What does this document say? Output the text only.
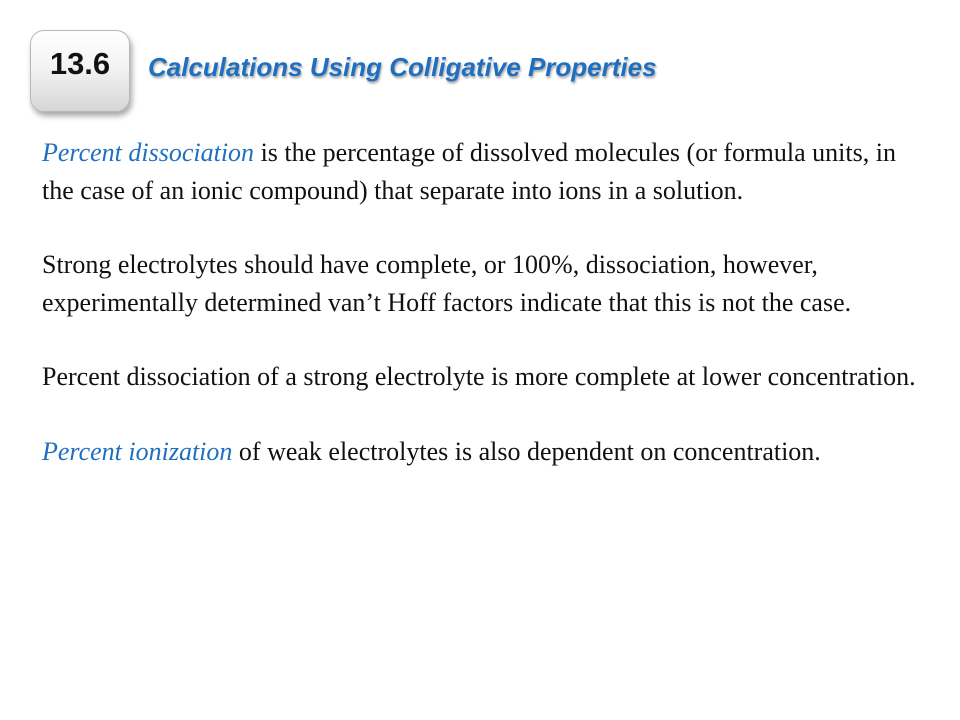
13.6 Calculations Using Colligative Properties

Percent dissociation is the percentage of dissolved molecules (or formula units, in the case of an ionic compound) that separate into ions in a solution.

Strong electrolytes should have complete, or 100%, dissociation, however, experimentally determined van’t Hoff factors indicate that this is not the case.

Percent dissociation of a strong electrolyte is more complete at lower concentration.

Percent ionization of weak electrolytes is also dependent on concentration.
